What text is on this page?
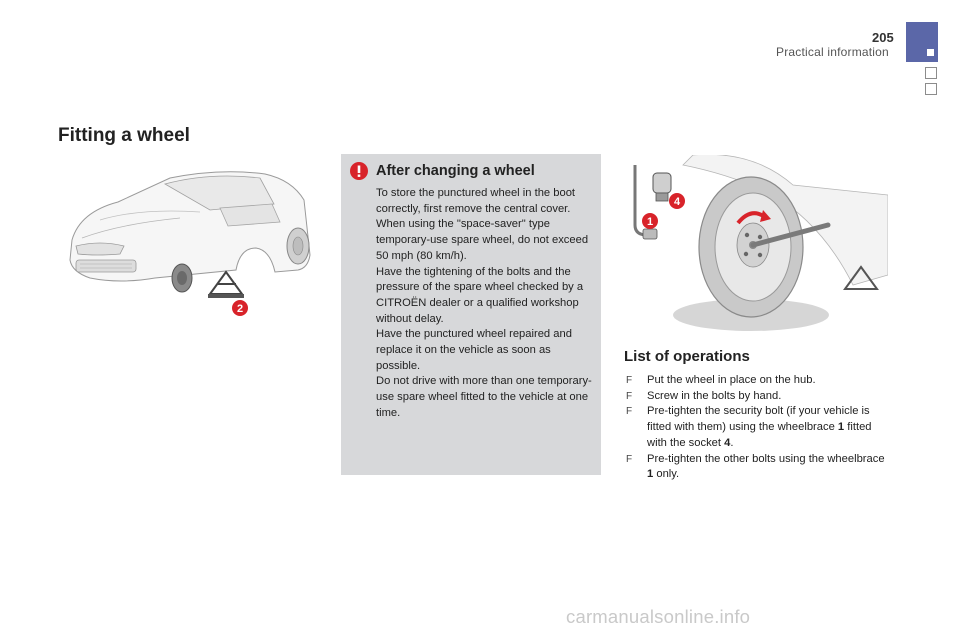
205
Practical information
Fitting a wheel
2
After changing a wheel

To store the punctured wheel in the boot correctly, first remove the central cover.

When using the "space-saver" type temporary-use spare wheel, do not exceed 50 mph (80 km/h).

Have the tightening of the bolts and the pressure of the spare wheel checked by a CITROËN dealer or a qualified workshop without delay.

Have the punctured wheel repaired and replace it on the vehicle as soon as possible.

Do not drive with more than one temporary-use spare wheel fitted to the vehicle at one time.

4
1
List of operations
F Put the wheel in place on the hub.
F Screw in the bolts by hand.
F Pre-tighten the security bolt (if your vehicle is fitted with them) using the wheelbrace 1 fitted with the socket 4.
F Pre-tighten the other bolts using the wheelbrace 1 only.
carmanualsonline.info
